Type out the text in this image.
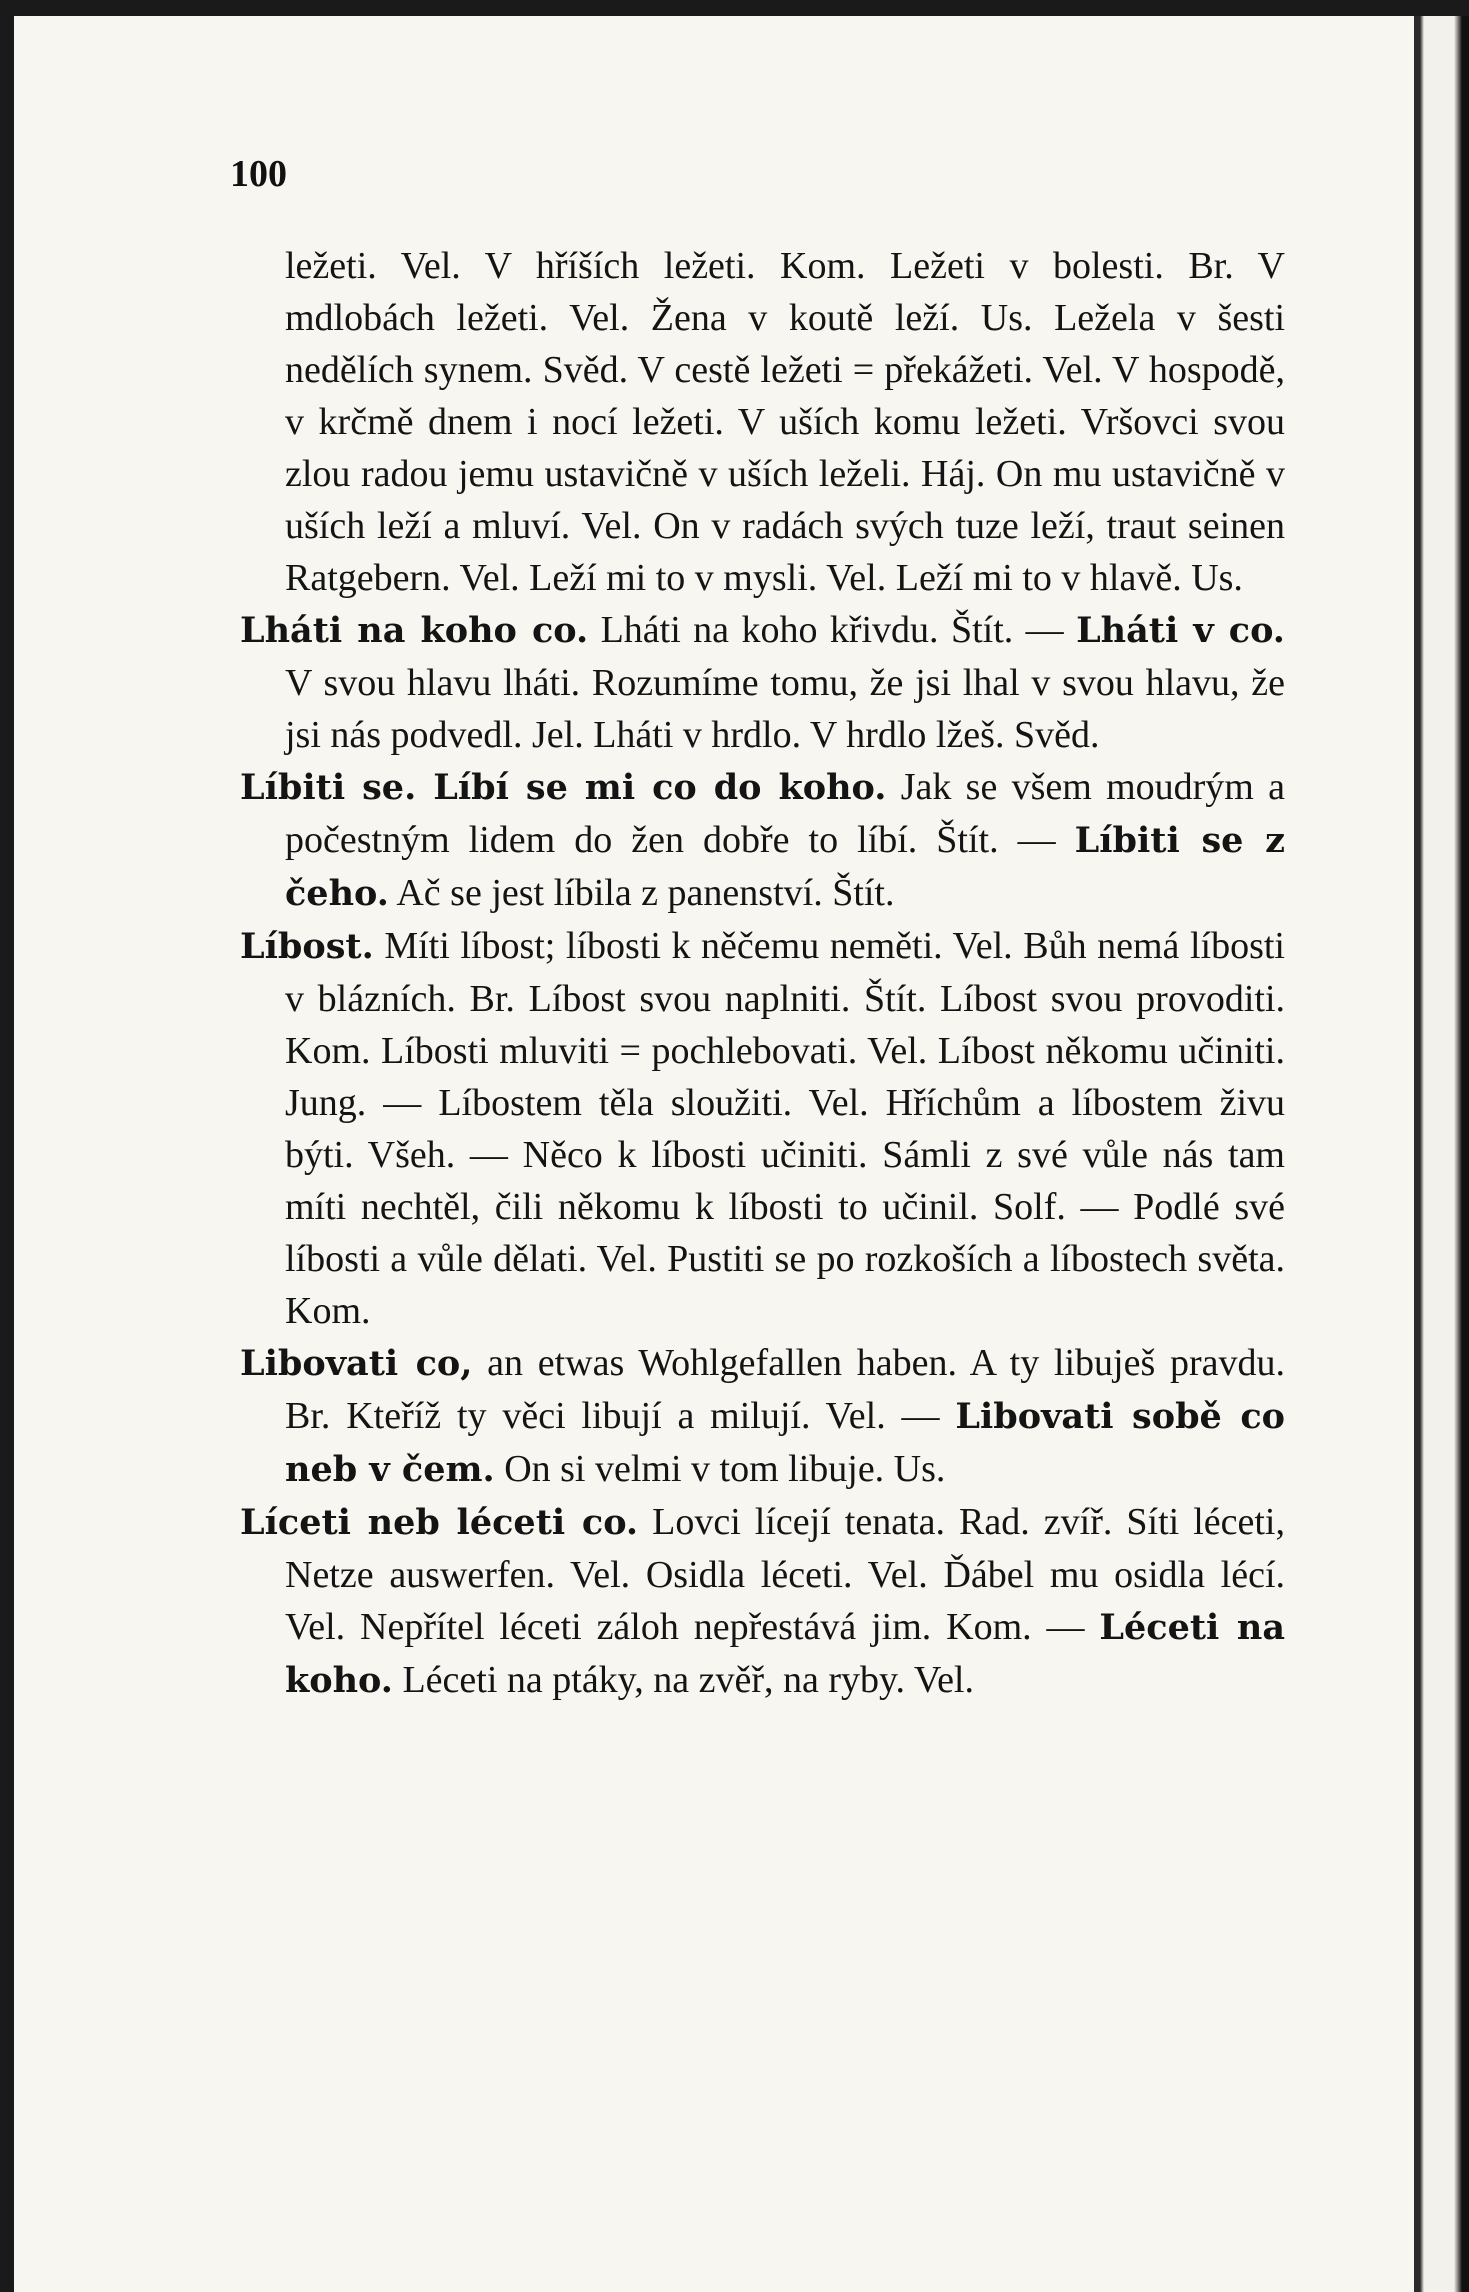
100

ležeti. Vel. V hříších ležeti. Kom. Ležeti v bolesti. Br. V mdlobách ležeti. Vel. Žena v koutě leží. Us. Ležela v šesti nedělích synem. Svěd. V cestě ležeti = překážeti. Vel. V hospodě, v krčmě dnem i nocí ležeti. V uších komu ležeti. Vršovci svou zlou radou jemu ustavičně v uších leželi. Háj. On mu ustavičně v uších leží a mluví. Vel. On v radách svých tuze leží, traut seinen Ratgebern. Vel. Leží mi to v mysli. Vel. Leží mi to v hlavě. Us.

Lháti na koho co. Lháti na koho křivdu. Štít. — Lháti v co. V svou hlavu lháti. Rozumíme tomu, že jsi lhal v svou hlavu, že jsi nás podvedl. Jel. Lháti v hrdlo. V hrdlo lžeš. Svěd.

Líbiti se. Líbí se mi co do koho. Jak se všem moudrým a počestným lidem do žen dobře to líbí. Štít. — Líbiti se z čeho. Ač se jest líbila z panenství. Štít.

Líbost. Míti líbost; líbosti k něčemu neměti. Vel. Bůh nemá líbosti v blázních. Br. Líbost svou naplniti. Štít. Líbost svou provoditi. Kom. Líbosti mluviti = pochlebovati. Vel. Líbost někomu učiniti. Jung. — Líbostem těla sloužiti. Vel. Hříchům a líbostem živu býti. Všeh. — Něco k líbosti učiniti. Sámli z své vůle nás tam míti nechtěl, čili někomu k líbosti to učinil. Solf. — Podlé své líbosti a vůle dělati. Vel. Pustiti se po rozkoších a líbostech světa. Kom.

Libovati co, an etwas Wohlgefallen haben. A ty libuješ pravdu. Br. Kteříž ty věci libují a milují. Vel. — Libovati sobě co neb v čem. On si velmi v tom libuje. Us.

Líceti neb léceti co. Lovci lícejí tenata. Rad. zvíř. Síti léceti, Netze auswerfen. Vel. Osidla léceti. Vel. Ďábel mu osidla lécí. Vel. Nepřítel léceti záloh nepřestává jim. Kom. — Léceti na koho. Léceti na ptáky, na zvěř, na ryby. Vel.
